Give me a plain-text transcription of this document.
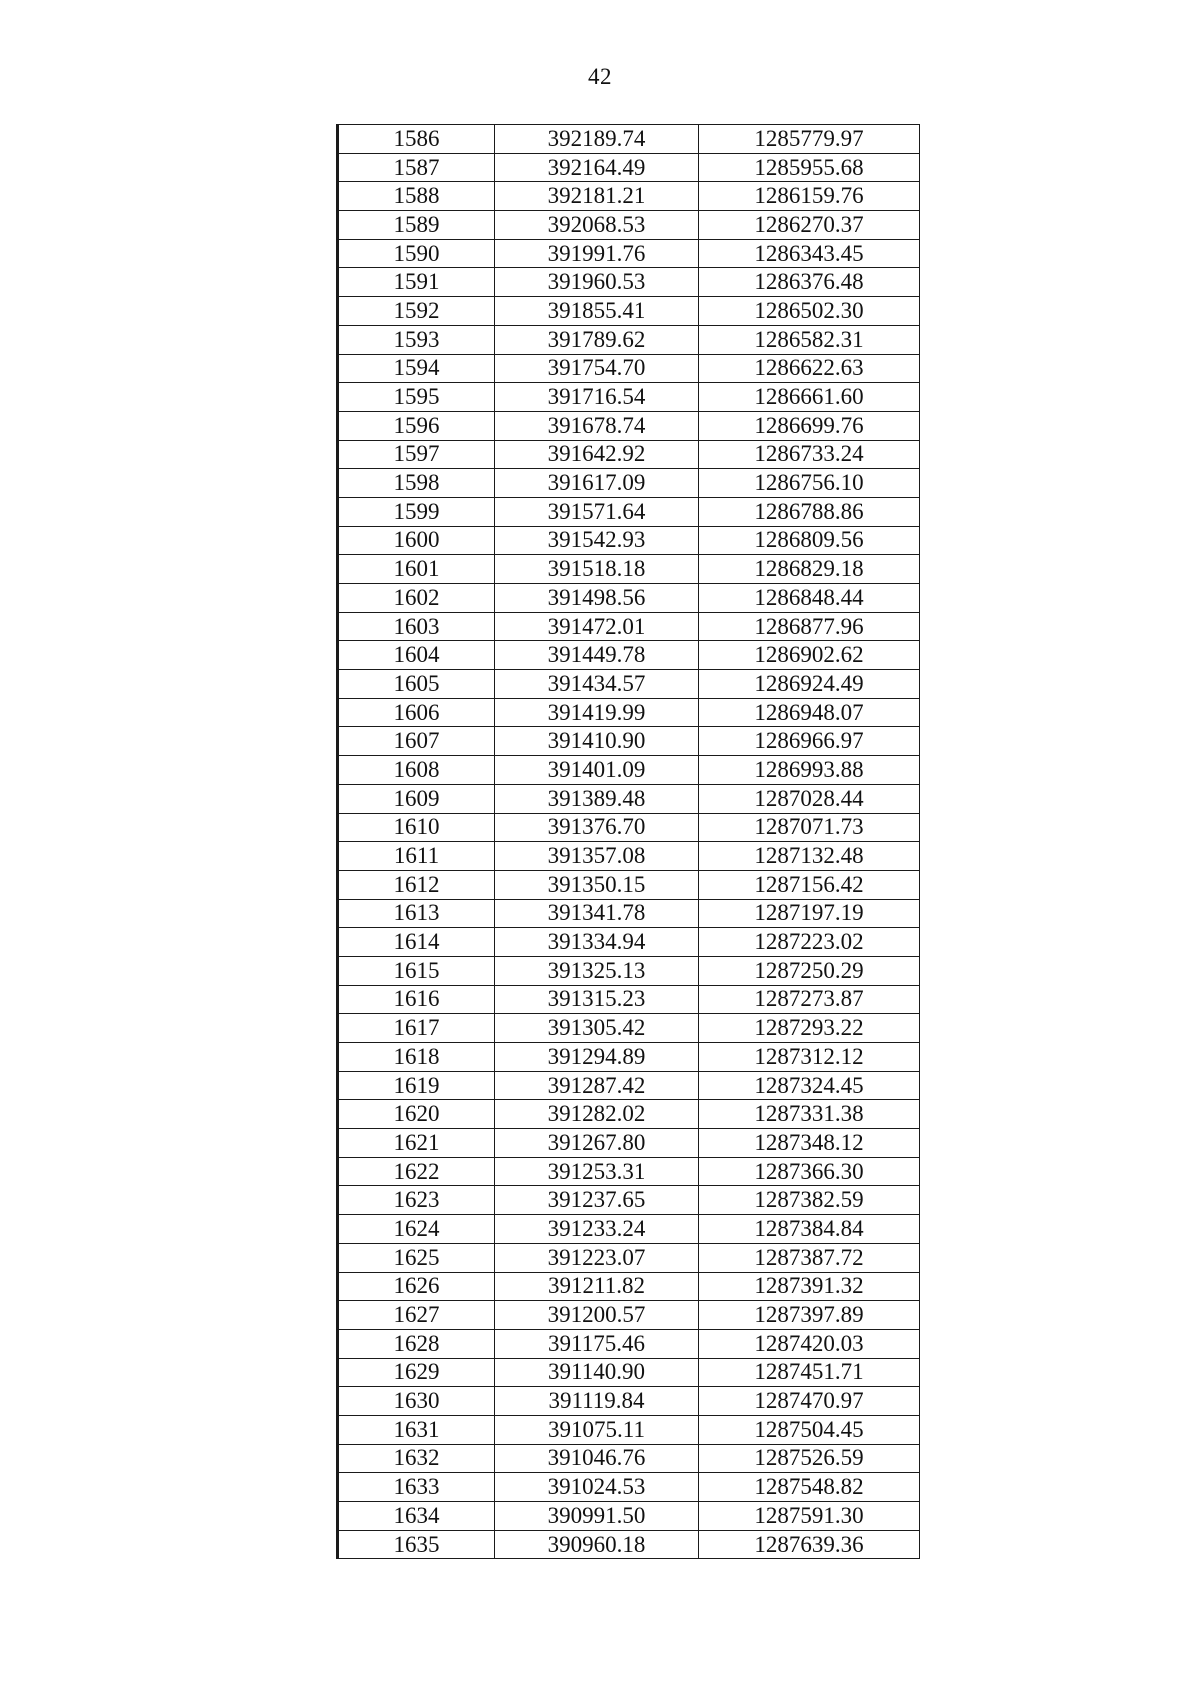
42
1586	392189.74	1285779.97
1587	392164.49	1285955.68
1588	392181.21	1286159.76
1589	392068.53	1286270.37
1590	391991.76	1286343.45
1591	391960.53	1286376.48
1592	391855.41	1286502.30
1593	391789.62	1286582.31
1594	391754.70	1286622.63
1595	391716.54	1286661.60
1596	391678.74	1286699.76
1597	391642.92	1286733.24
1598	391617.09	1286756.10
1599	391571.64	1286788.86
1600	391542.93	1286809.56
1601	391518.18	1286829.18
1602	391498.56	1286848.44
1603	391472.01	1286877.96
1604	391449.78	1286902.62
1605	391434.57	1286924.49
1606	391419.99	1286948.07
1607	391410.90	1286966.97
1608	391401.09	1286993.88
1609	391389.48	1287028.44
1610	391376.70	1287071.73
1611	391357.08	1287132.48
1612	391350.15	1287156.42
1613	391341.78	1287197.19
1614	391334.94	1287223.02
1615	391325.13	1287250.29
1616	391315.23	1287273.87
1617	391305.42	1287293.22
1618	391294.89	1287312.12
1619	391287.42	1287324.45
1620	391282.02	1287331.38
1621	391267.80	1287348.12
1622	391253.31	1287366.30
1623	391237.65	1287382.59
1624	391233.24	1287384.84
1625	391223.07	1287387.72
1626	391211.82	1287391.32
1627	391200.57	1287397.89
1628	391175.46	1287420.03
1629	391140.90	1287451.71
1630	391119.84	1287470.97
1631	391075.11	1287504.45
1632	391046.76	1287526.59
1633	391024.53	1287548.82
1634	390991.50	1287591.30
1635	390960.18	1287639.36
